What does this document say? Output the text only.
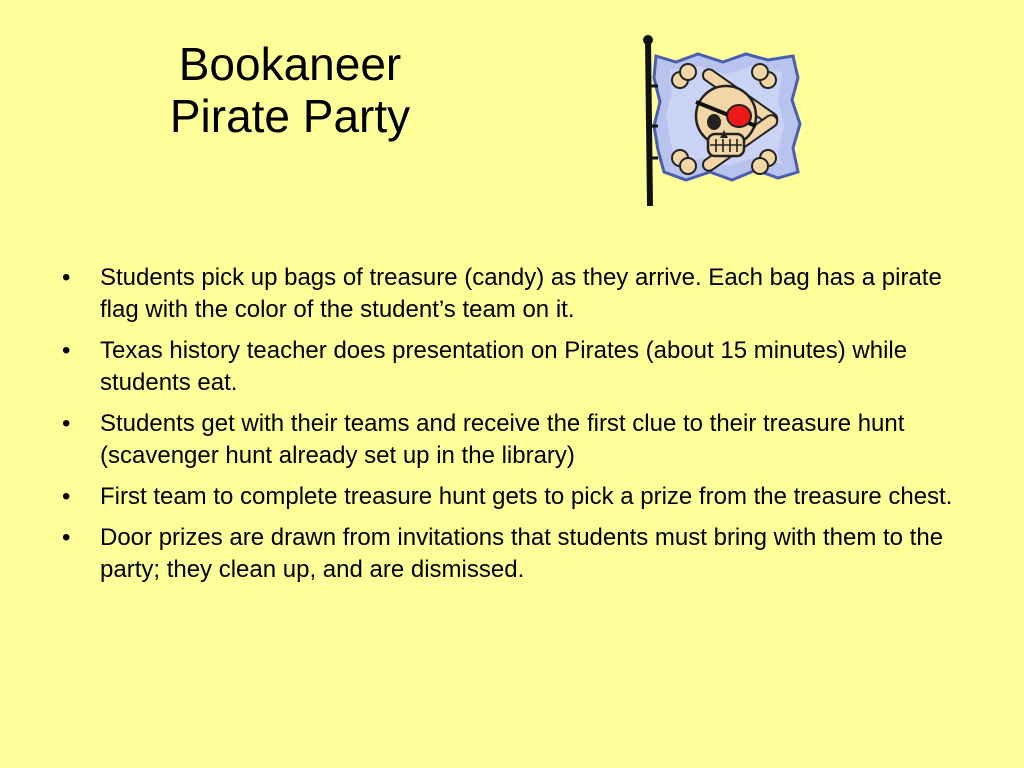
Bookaneer
Pirate Party
• Students pick up bags of treasure (candy) as they arrive. Each bag has a pirate flag with the color of the student’s team on it.
• Texas history teacher does presentation on Pirates (about 15 minutes) while students eat.
• Students get with their teams and receive the first clue to their treasure hunt (scavenger hunt already set up in the library)
• First team to complete treasure hunt gets to pick a prize from the treasure chest.
• Door prizes are drawn from invitations that students must bring with them to the party; they clean up, and are dismissed.
